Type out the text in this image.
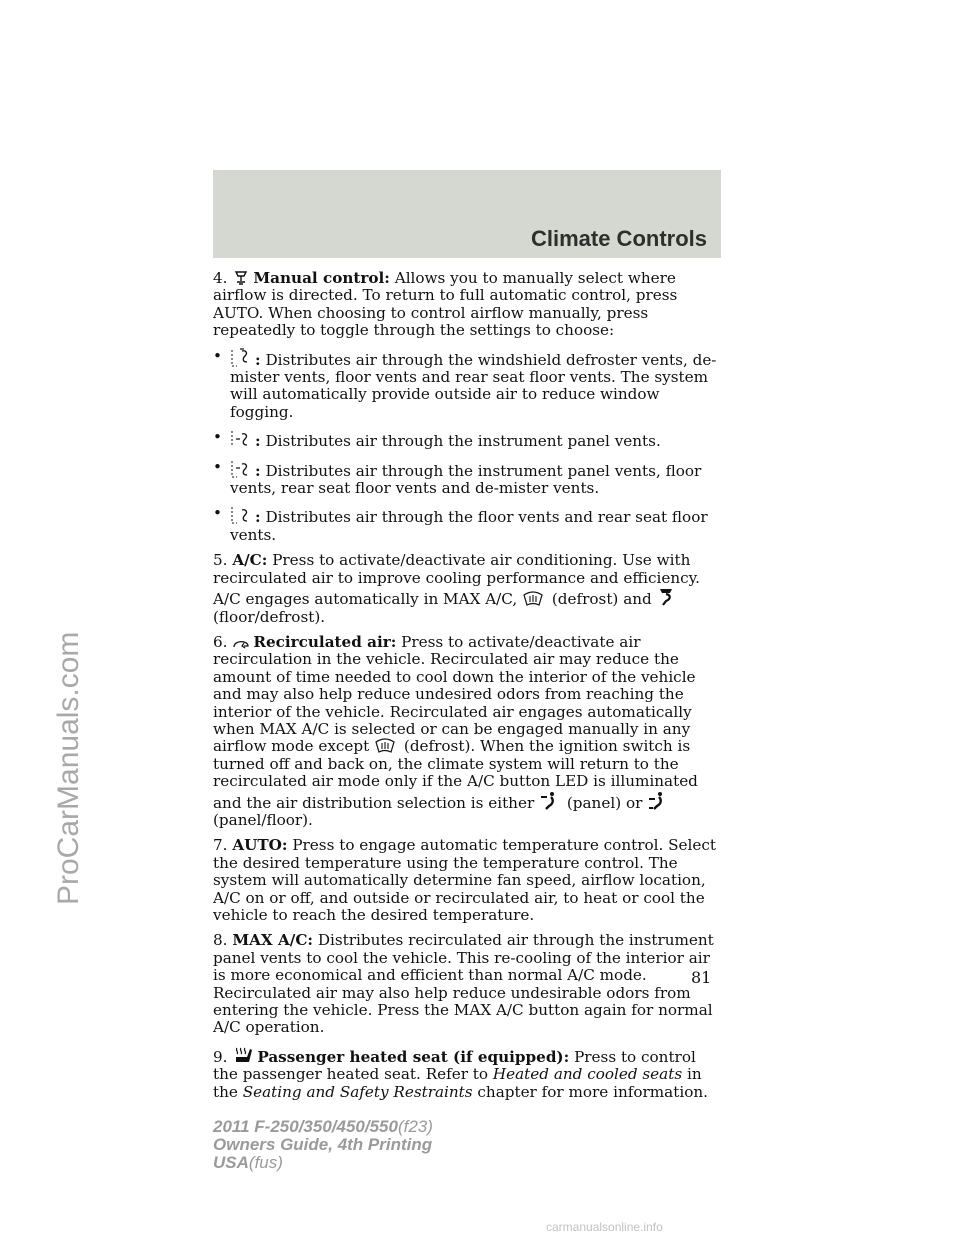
Climate Controls

4. Manual control: Allows you to manually select where airflow is directed. To return to full automatic control, press AUTO. When choosing to control airflow manually, press repeatedly to toggle through the settings to choose:

• : Distributes air through the windshield defroster vents, de-mister vents, floor vents and rear seat floor vents. The system will automatically provide outside air to reduce window fogging.
• : Distributes air through the instrument panel vents.
• : Distributes air through the instrument panel vents, floor vents, rear seat floor vents and de-mister vents.
• : Distributes air through the floor vents and rear seat floor vents.

5. A/C: Press to activate/deactivate air conditioning. Use with recirculated air to improve cooling performance and efficiency. A/C engages automatically in MAX A/C, (defrost) and
(floor/defrost).

6. Recirculated air: Press to activate/deactivate air recirculation in the vehicle. Recirculated air may reduce the amount of time needed to cool down the interior of the vehicle and may also help reduce undesired odors from reaching the interior of the vehicle. Recirculated air engages automatically when MAX A/C is selected or can be engaged manually in any airflow mode except (defrost). When the ignition switch is turned off and back on, the climate system will return to the recirculated air mode only if the A/C button LED is illuminated and the air distribution selection is either (panel) or
(panel/floor).

7. AUTO: Press to engage automatic temperature control. Select the desired temperature using the temperature control. The system will automatically determine fan speed, airflow location, A/C on or off, and outside or recirculated air, to heat or cool the vehicle to reach the desired temperature.

8. MAX A/C: Distributes recirculated air through the instrument panel vents to cool the vehicle. This re-cooling of the interior air is more economical and efficient than normal A/C mode. Recirculated air may also help reduce undesirable odors from entering the vehicle. Press the MAX A/C button again for normal A/C operation.

9. Passenger heated seat (if equipped): Press to control the passenger heated seat. Refer to Heated and cooled seats in the Seating and Safety Restraints chapter for more information.

81
2011 F-250/350/450/550(f23)
Owners Guide, 4th Printing
USA(fus)
ProCarManuals.com
carmanualsonline.info
